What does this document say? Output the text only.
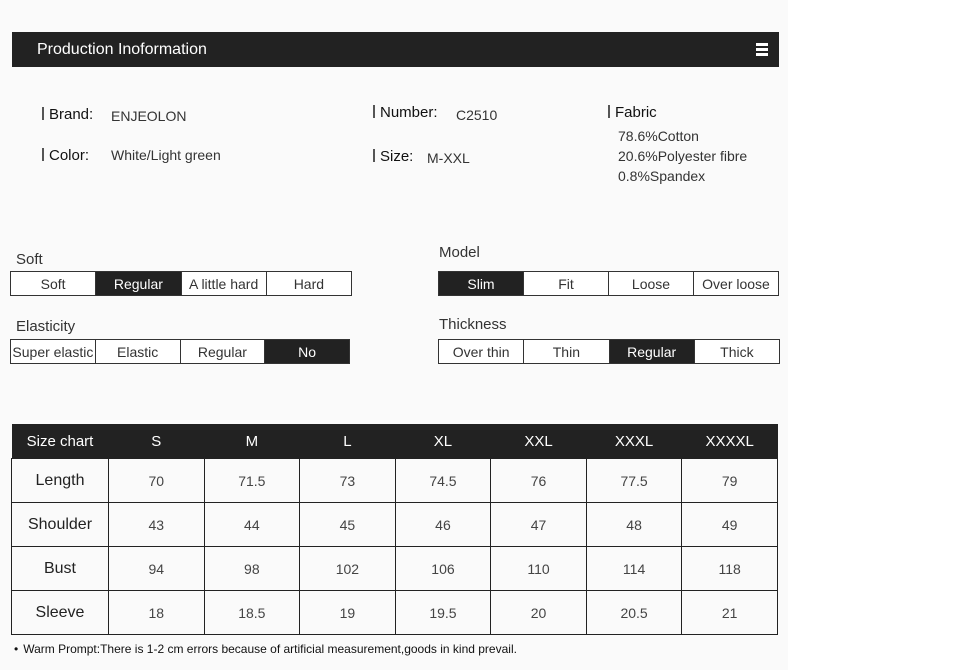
Production Inoformation
Brand: ENJEOLON
Color: White/Light green
Number: C2510
Size: M-XXL
Fabric
78.6%Cotton
20.6%Polyester fibre
0.8%Spandex
Soft
Soft	Regular	A little hard	Hard
Elasticity
Super elastic	Elastic	Regular	No
Model
Slim	Fit	Loose	Over loose
Thickness
Over thin	Thin	Regular	Thick
Size chart	S	M	L	XL	XXL	XXXL	XXXXL
Length	70	71.5	73	74.5	76	77.5	79
Shoulder	43	44	45	46	47	48	49
Bust	94	98	102	106	110	114	118
Sleeve	18	18.5	19	19.5	20	20.5	21
• Warm Prompt:There is 1-2 cm errors because of artificial measurement,goods in kind prevail.
